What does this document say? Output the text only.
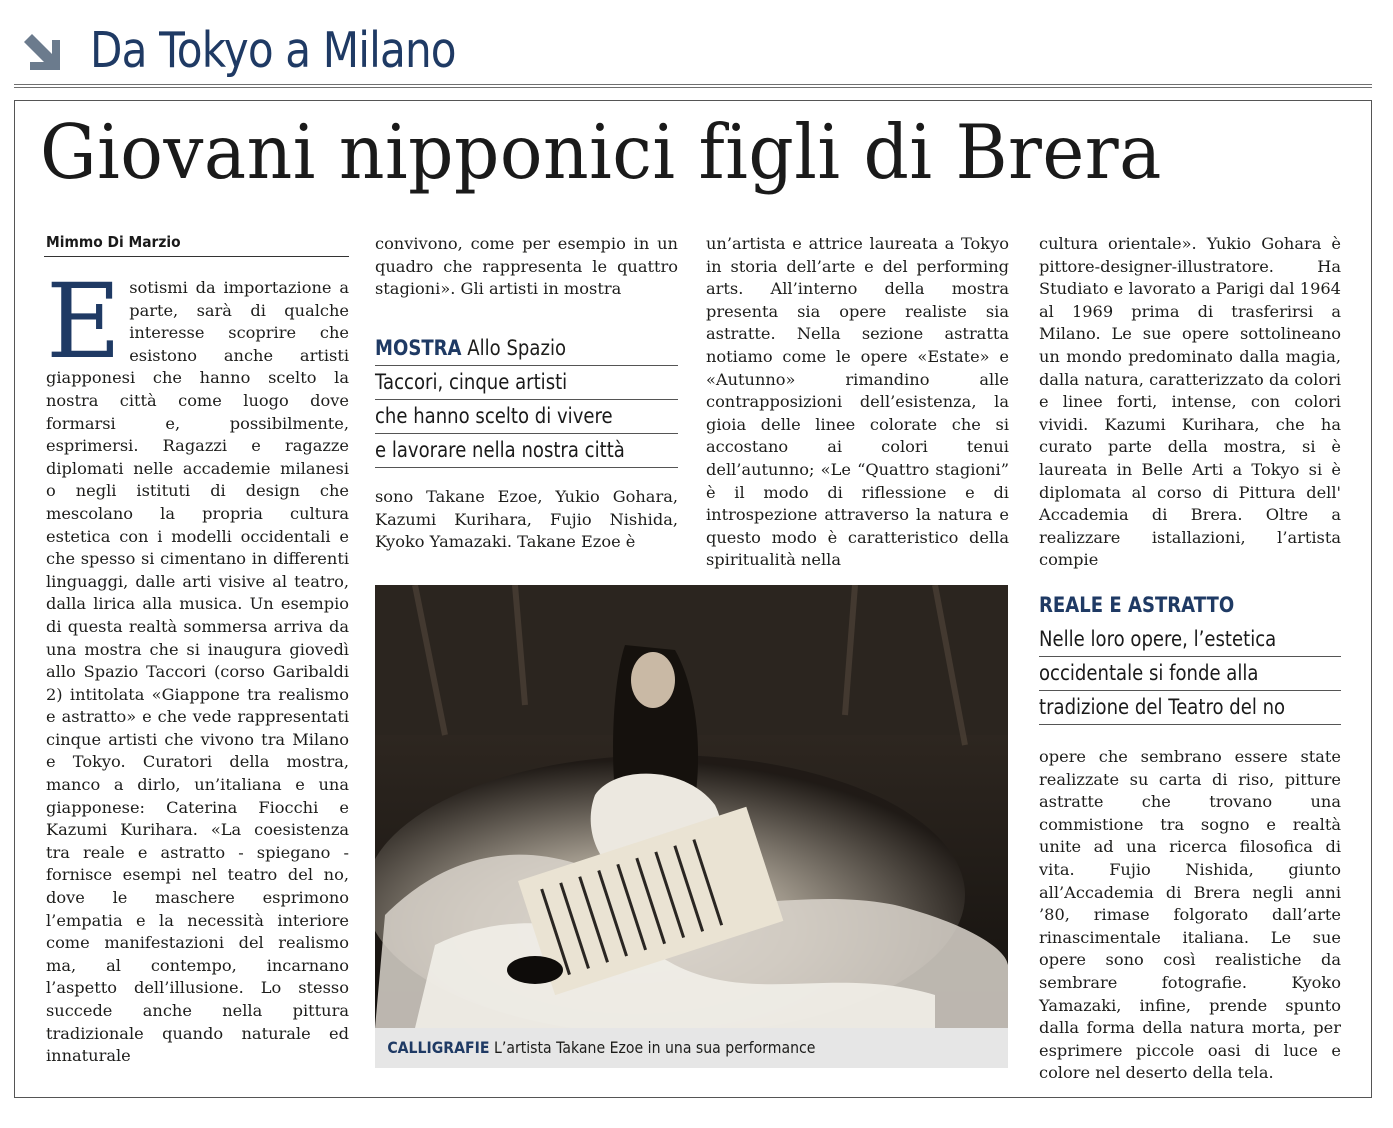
Da Tokyo a Milano
Giovani nipponici figli di Brera
Mimmo Di Marzio
E sotismi da importazione a parte, sarà di qualche interesse scoprire che esistono anche artisti giapponesi che hanno scelto la nostra città come luogo dove formarsi e, possibilmente, esprimersi. Ragazzi e ragazze diplomati nelle accademie milanesi o negli istituti di design che mescolano la propria cultura estetica con i modelli occidentali e che spesso si cimentano in differenti linguaggi, dalle arti visive al teatro, dalla lirica alla musica. Un esempio di questa realtà sommersa arriva da una mostra che si inaugura giovedì allo Spazio Taccori (corso Garibaldi 2) intitolata «Giappone tra realismo e astratto» e che vede rappresentati cinque artisti che vivono tra Milano e Tokyo. Curatori della mostra, manco a dirlo, un’italiana e una giapponese: Caterina Fiocchi e Kazumi Kurihara. «La coesistenza tra reale e astratto - spiegano - fornisce esempi nel teatro del no, dove le maschere esprimono l’empatia e la necessità interiore come manifestazioni del realismo ma, al contempo, incarnano l’aspetto dell’illusione. Lo stesso succede anche nella pittura tradizionale quando naturale ed innaturale

convivono, come per esempio in un quadro che rappresenta le quattro stagioni». Gli artisti in mostra

MOSTRA Allo Spazio
Taccori, cinque artisti
che hanno scelto di vivere
e lavorare nella nostra città

sono Takane Ezoe, Yukio Gohara, Kazumi Kurihara, Fujio Nishida, Kyoko Yamazaki. Takane Ezoe è

un’artista e attrice laureata a Tokyo in storia dell’arte e del performing arts. All’interno della mostra presenta sia opere realiste sia astratte. Nella sezione astratta notiamo come le opere «Estate» e «Autunno» rimandino alle contrapposizioni dell’esistenza, la gioia delle linee colorate che si accostano ai colori tenui dell’autunno; «Le “Quattro stagioni” è il modo di riflessione e di introspezione attraverso la natura e questo modo è caratteristico della spiritualità nella

cultura orientale». Yukio Gohara è pittore-designer-illustratore. Ha Studiato e lavorato a Parigi dal 1964 al 1969 prima di trasferirsi a Milano. Le sue opere sottolineano un mondo predominato dalla magia, dalla natura, caratterizzato da colori e linee forti, intense, con colori vividi. Kazumi Kurihara, che ha curato parte della mostra, si è laureata in Belle Arti a Tokyo si è diplomata al corso di Pittura dell' Accademia di Brera. Oltre a realizzare istallazioni, l’artista compie

REALE E ASTRATTO
Nelle loro opere, l’estetica
occidentale si fonde alla
tradizione del Teatro del no

opere che sembrano essere state realizzate su carta di riso, pitture astratte che trovano una commistione tra sogno e realtà unite ad una ricerca filosofica di vita. Fujio Nishida, giunto all’Accademia di Brera negli anni ’80, rimase folgorato dall’arte rinascimentale italiana. Le sue opere sono così realistiche da sembrare fotografie. Kyoko Yamazaki, infine, prende spunto dalla forma della natura morta, per esprimere piccole oasi di luce e colore nel deserto della tela.

CALLIGRAFIE L’artista Takane Ezoe in una sua performance
